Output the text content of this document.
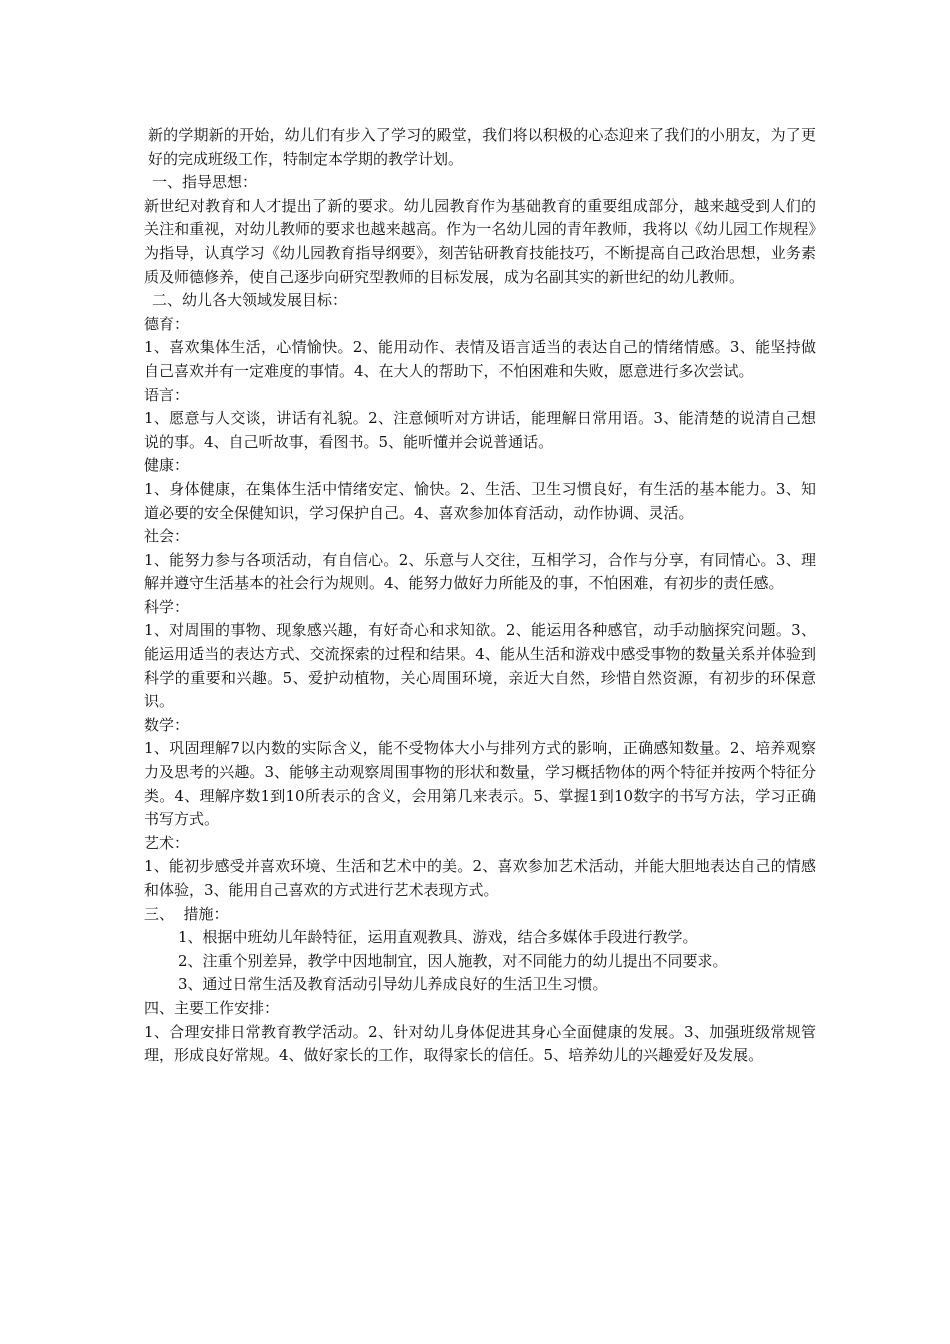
新的学期新的开始，幼儿们有步入了学习的殿堂，我们将以积极的心态迎来了我们的小朋友，为了更好的完成班级工作，特制定本学期的教学计划。

一、指导思想：

新世纪对教育和人才提出了新的要求。幼儿园教育作为基础教育的重要组成部分，越来越受到人们的关注和重视，对幼儿教师的要求也越来越高。作为一名幼儿园的青年教师，我将以《幼儿园工作规程》为指导，认真学习《幼儿园教育指导纲要》，刻苦钻研教育技能技巧，不断提高自己政治思想，业务素质及师德修养，使自己逐步向研究型教师的目标发展，成为名副其实的新世纪的幼儿教师。

二、幼儿各大领域发展目标：

德育：

1、喜欢集体生活，心情愉快。2、能用动作、表情及语言适当的表达自己的情绪情感。3、能坚持做自己喜欢并有一定难度的事情。4、在大人的帮助下，不怕困难和失败，愿意进行多次尝试。

语言：

1、愿意与人交谈，讲话有礼貌。2、注意倾听对方讲话，能理解日常用语。3、能清楚的说清自己想说的事。4、自己听故事，看图书。5、能听懂并会说普通话。

健康：

1、身体健康，在集体生活中情绪安定、愉快。2、生活、卫生习惯良好，有生活的基本能力。3、知道必要的安全保健知识，学习保护自己。4、喜欢参加体育活动，动作协调、灵活。

社会：

1、能努力参与各项活动，有自信心。2、乐意与人交往，互相学习，合作与分享，有同情心。3、理解并遵守生活基本的社会行为规则。4、能努力做好力所能及的事，不怕困难，有初步的责任感。

科学：

1、对周围的事物、现象感兴趣，有好奇心和求知欲。2、能运用各种感官，动手动脑探究问题。3、能运用适当的表达方式、交流探索的过程和结果。4、能从生活和游戏中感受事物的数量关系并体验到科学的重要和兴趣。5、爱护动植物，关心周围环境，亲近大自然，珍惜自然资源，有初步的环保意识。

数学：

1、巩固理解7以内数的实际含义，能不受物体大小与排列方式的影响，正确感知数量。2、培养观察力及思考的兴趣。3、能够主动观察周围事物的形状和数量，学习概括物体的两个特征并按两个特征分类。4、理解序数1到10所表示的含义，会用第几来表示。5、掌握1到10数字的书写方法，学习正确书写方式。

艺术：

1、能初步感受并喜欢环境、生活和艺术中的美。2、喜欢参加艺术活动，并能大胆地表达自己的情感和体验，3、能用自己喜欢的方式进行艺术表现方式。

三、  措施：

1、根据中班幼儿年龄特征，运用直观教具、游戏，结合多媒体手段进行教学。

2、注重个别差异，教学中因地制宜，因人施教，对不同能力的幼儿提出不同要求。

3、通过日常生活及教育活动引导幼儿养成良好的生活卫生习惯。

四、主要工作安排：

1、合理安排日常教育教学活动。2、针对幼儿身体促进其身心全面健康的发展。3、加强班级常规管理，形成良好常规。4、做好家长的工作，取得家长的信任。5、培养幼儿的兴趣爱好及发展。
